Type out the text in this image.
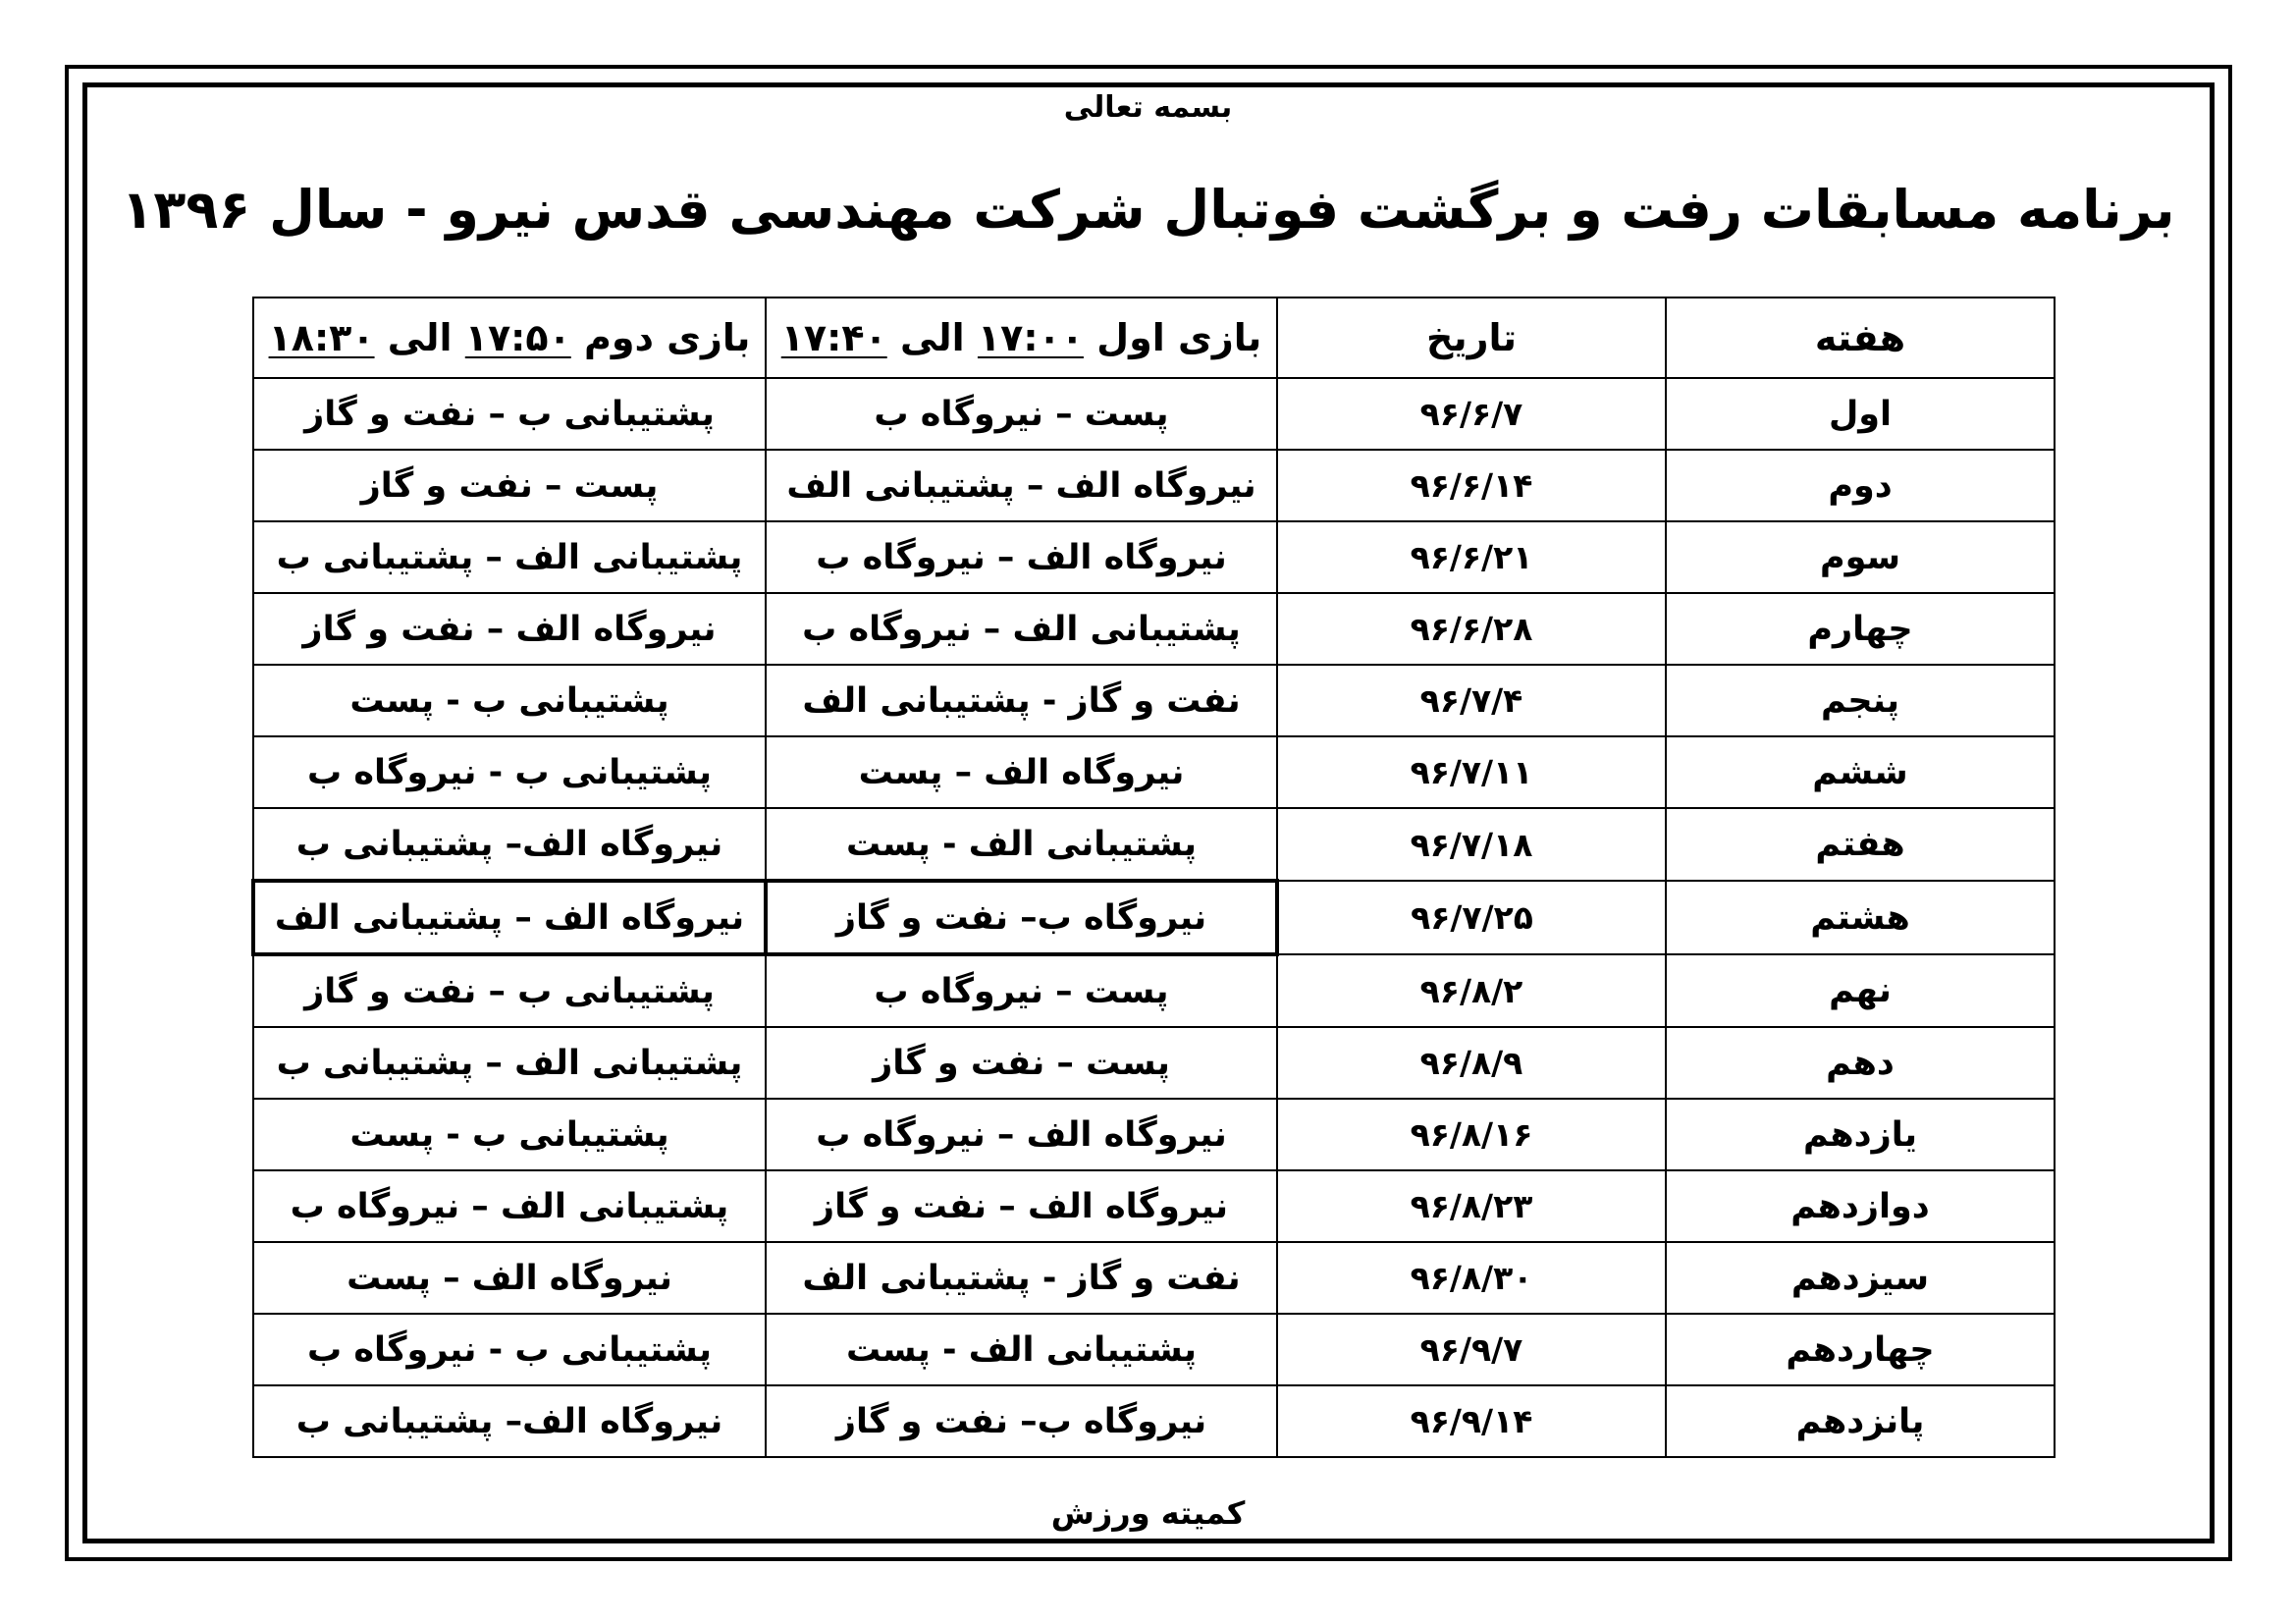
بسمه تعالی
برنامه مسابقات رفت و برگشت فوتبال شرکت مهندسی قدس نیرو - سال ۱۳۹۶
هفته	تاریخ	بازی اول ۱۷:۰۰ الی ۱۷:۴۰	بازی دوم ۱۷:۵۰ الی ۱۸:۳۰
اول	۹۶/۶/۷	پست – نیروگاه ب	پشتیبانی ب – نفت و گاز
دوم	۹۶/۶/۱۴	نیروگاه الف – پشتیبانی الف	پست – نفت و گاز
سوم	۹۶/۶/۲۱	نیروگاه الف – نیروگاه ب	پشتیبانی الف – پشتیبانی ب
چهارم	۹۶/۶/۲۸	پشتیبانی الف – نیروگاه ب	نیروگاه الف – نفت و گاز
پنجم	۹۶/۷/۴	نفت و گاز - پشتیبانی الف	پشتیبانی ب - پست
ششم	۹۶/۷/۱۱	نیروگاه الف – پست	پشتیبانی ب - نیروگاه ب
هفتم	۹۶/۷/۱۸	پشتیبانی الف - پست	نیروگاه الف– پشتیبانی ب
هشتم	۹۶/۷/۲۵	نیروگاه ب– نفت و گاز	نیروگاه الف – پشتیبانی الف
نهم	۹۶/۸/۲	پست – نیروگاه ب	پشتیبانی ب – نفت و گاز
دهم	۹۶/۸/۹	پست – نفت و گاز	پشتیبانی الف – پشتیبانی ب
یازدهم	۹۶/۸/۱۶	نیروگاه الف – نیروگاه ب	پشتیبانی ب - پست
دوازدهم	۹۶/۸/۲۳	نیروگاه الف – نفت و گاز	پشتیبانی الف – نیروگاه ب
سیزدهم	۹۶/۸/۳۰	نفت و گاز - پشتیبانی الف	نیروگاه الف – پست
چهاردهم	۹۶/۹/۷	پشتیبانی الف - پست	پشتیبانی ب - نیروگاه ب
پانزدهم	۹۶/۹/۱۴	نیروگاه ب– نفت و گاز	نیروگاه الف– پشتیبانی ب
کمیته ورزش
